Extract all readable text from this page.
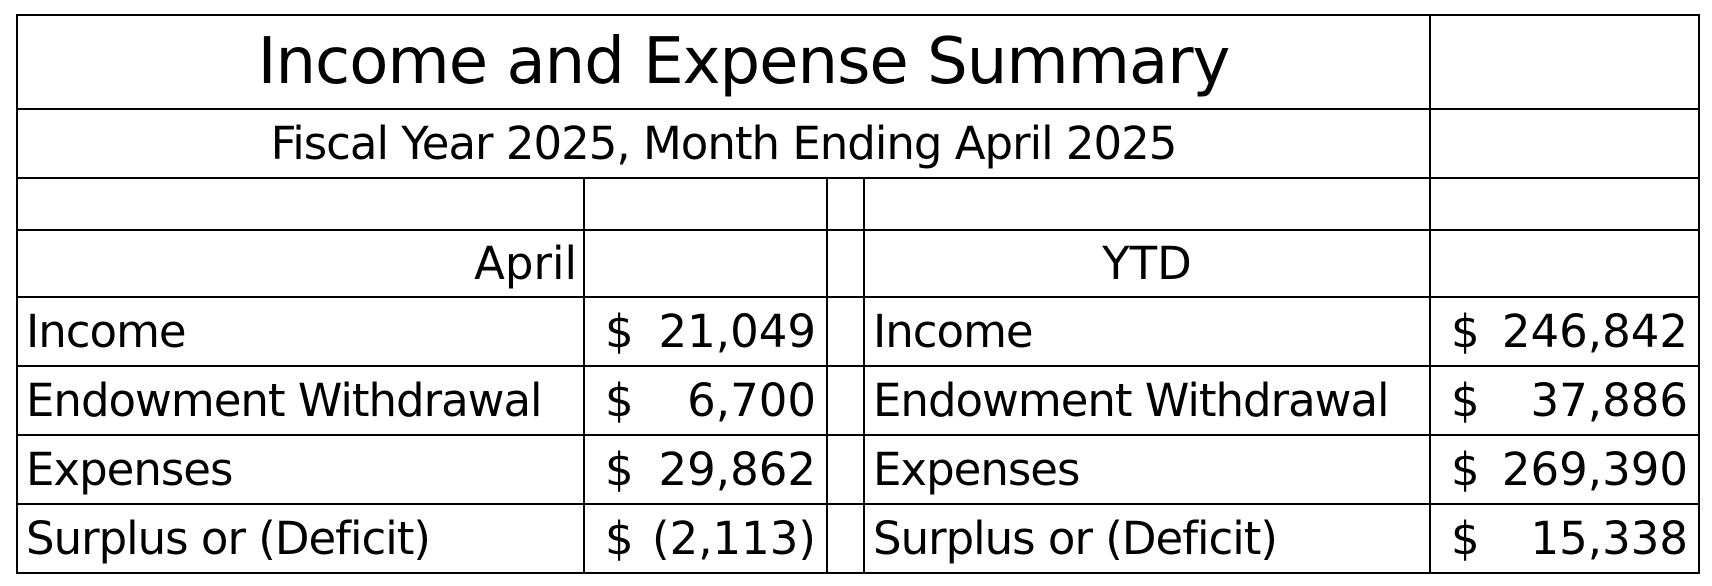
Income and Expense Summary				
Fiscal Year 2025, Month Ending April 2025				

April			YTD	
Income	$ 21,049		Income	$ 246,842

Endowment Withdrawal	$ 6,700		Endowment Withdrawal	$ 37,886

Expenses	$ 29,862		Expenses	$ 269,390

Surplus or (Deficit)	$ (2,113)		Surplus or (Deficit)	$ 15,338
